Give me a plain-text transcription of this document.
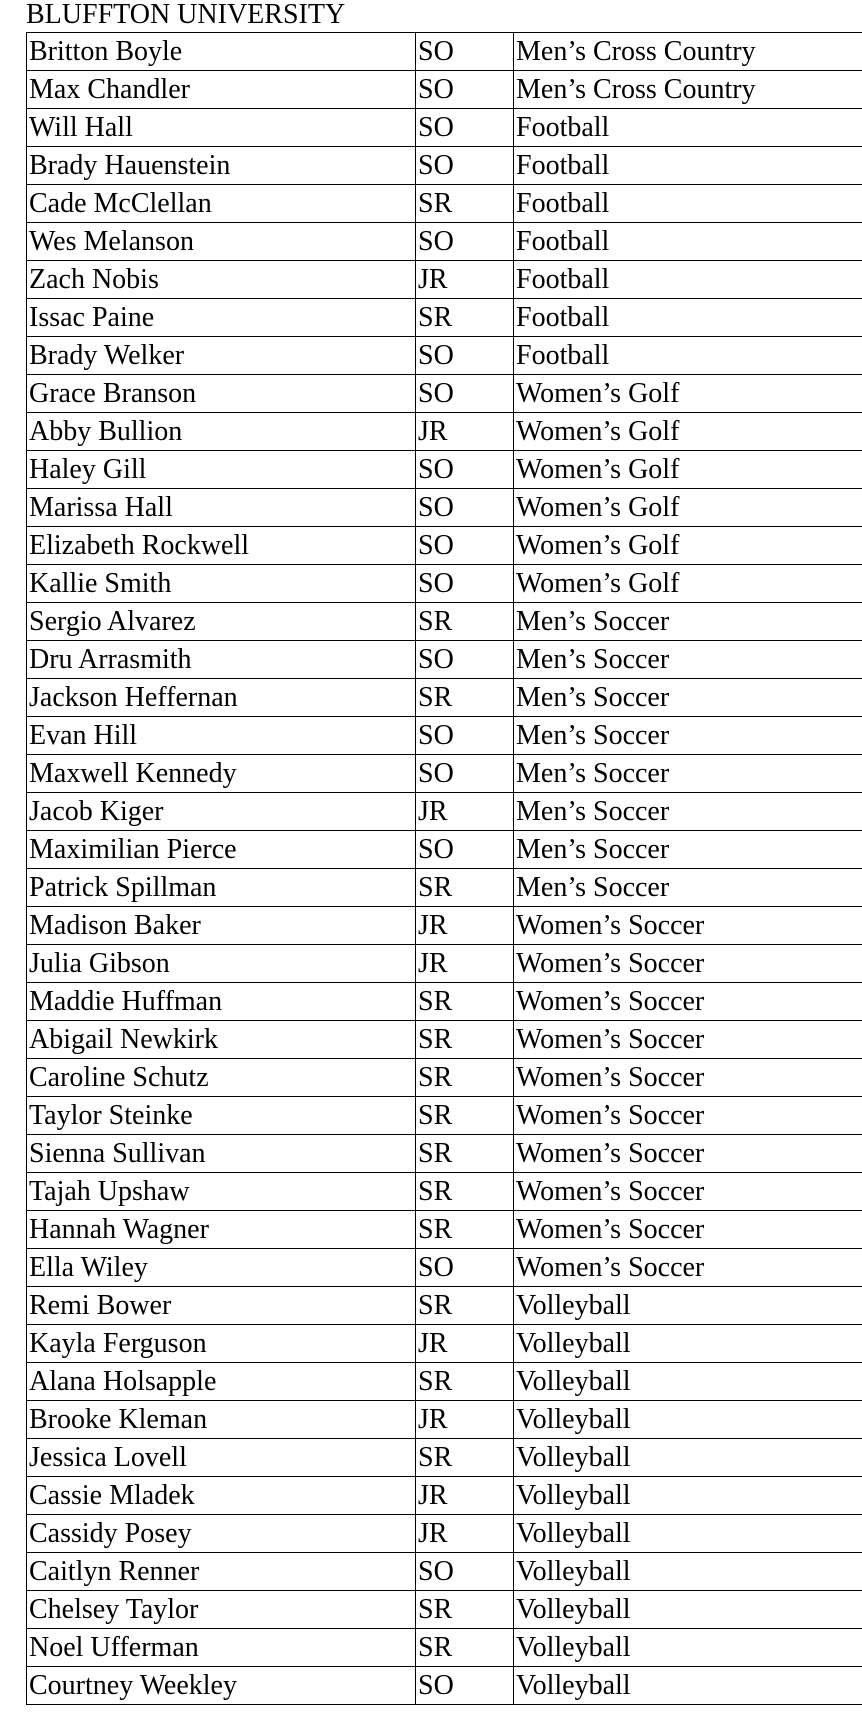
BLUFFTON UNIVERSITY
Britton Boyle	SO	Men’s Cross Country
Max Chandler	SO	Men’s Cross Country
Will Hall	SO	Football
Brady Hauenstein	SO	Football
Cade McClellan	SR	Football
Wes Melanson	SO	Football
Zach Nobis	JR	Football
Issac Paine	SR	Football
Brady Welker	SO	Football
Grace Branson	SO	Women’s Golf
Abby Bullion	JR	Women’s Golf
Haley Gill	SO	Women’s Golf
Marissa Hall	SO	Women’s Golf
Elizabeth Rockwell	SO	Women’s Golf
Kallie Smith	SO	Women’s Golf
Sergio Alvarez	SR	Men’s Soccer
Dru Arrasmith	SO	Men’s Soccer
Jackson Heffernan	SR	Men’s Soccer
Evan Hill	SO	Men’s Soccer
Maxwell Kennedy	SO	Men’s Soccer
Jacob Kiger	JR	Men’s Soccer
Maximilian Pierce	SO	Men’s Soccer
Patrick Spillman	SR	Men’s Soccer
Madison Baker	JR	Women’s Soccer
Julia Gibson	JR	Women’s Soccer
Maddie Huffman	SR	Women’s Soccer
Abigail Newkirk	SR	Women’s Soccer
Caroline Schutz	SR	Women’s Soccer
Taylor Steinke	SR	Women’s Soccer
Sienna Sullivan	SR	Women’s Soccer
Tajah Upshaw	SR	Women’s Soccer
Hannah Wagner	SR	Women’s Soccer
Ella Wiley	SO	Women’s Soccer
Remi Bower	SR	Volleyball
Kayla Ferguson	JR	Volleyball
Alana Holsapple	SR	Volleyball
Brooke Kleman	JR	Volleyball
Jessica Lovell	SR	Volleyball
Cassie Mladek	JR	Volleyball
Cassidy Posey	JR	Volleyball
Caitlyn Renner	SO	Volleyball
Chelsey Taylor	SR	Volleyball
Noel Ufferman	SR	Volleyball
Courtney Weekley	SO	Volleyball
